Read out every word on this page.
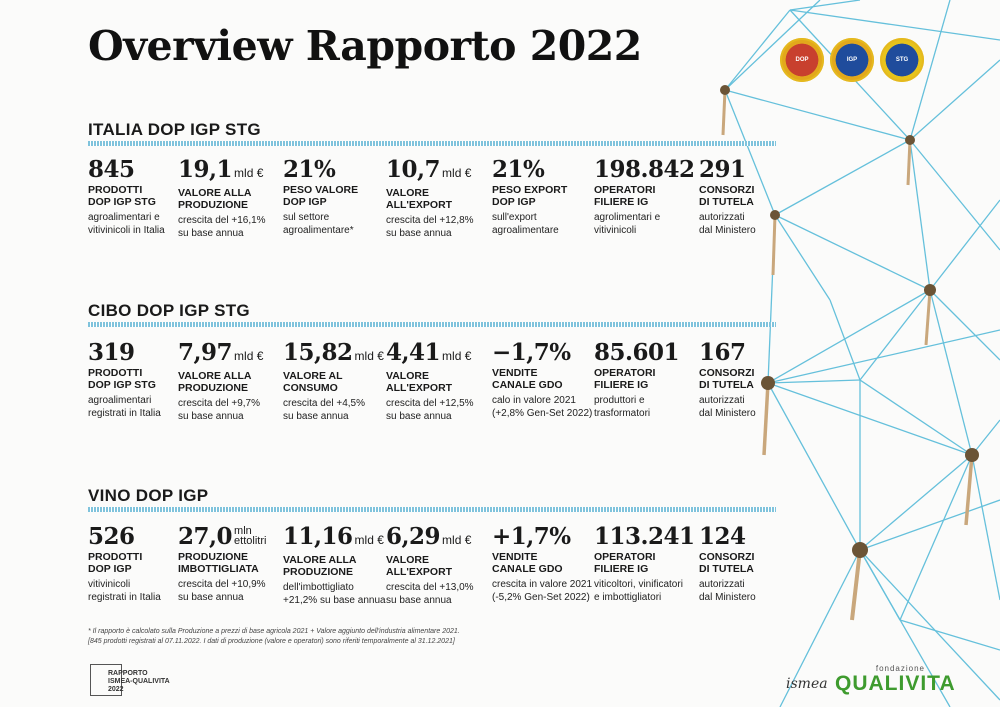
Overview Rapporto 2022	DOP	IGP	STG
ITALIA DOP IGP STG
845
PRODOTTI
DOP IGP STG
agroalimentari e
vitivinicoli in Italia
19,1 mld €
VALORE ALLA
PRODUZIONE
crescita del +16,1%
su base annua
21%
PESO VALORE
DOP IGP
sul settore
agroalimentare*
10,7 mld €
VALORE
ALL'EXPORT
crescita del +12,8%
su base annua
21%
PESO EXPORT
DOP IGP
sull'export
agroalimentare
198.842
OPERATORI
FILIERE IG
agrolimentari e
vitivinicoli
291
CONSORZI
DI TUTELA
autorizzati
dal Ministero
CIBO DOP IGP STG
319
PRODOTTI
DOP IGP STG
agroalimentari
registrati in Italia
7,97 mld €
VALORE ALLA
PRODUZIONE
crescita del +9,7%
su base annua
15,82 mld €
VALORE AL
CONSUMO
crescita del +4,5%
su base annua
4,41 mld €
VALORE
ALL'EXPORT
crescita del +12,5%
su base annua
−1,7%
VENDITE
CANALE GDO
calo in valore 2021
(+2,8% Gen-Set 2022)
85.601
OPERATORI
FILIERE IG
produttori e
trasformatori
167
CONSORZI
DI TUTELA
autorizzati
dal Ministero
VINO DOP IGP
526
PRODOTTI
DOP IGP
vitivinicoli
registrati in Italia
27,0 mln
ettolitri
PRODUZIONE
IMBOTTIGLIATA
crescita del +10,9%
su base annua
11,16 mld €
VALORE ALLA
PRODUZIONE
dell'imbottigliato
+21,2% su base annua
6,29 mld €
VALORE
ALL'EXPORT
crescita del +13,0%
su base annua
+1,7%
VENDITE
CANALE GDO
crescita in valore 2021
(-5,2% Gen-Set 2022)
113.241
OPERATORI
FILIERE IG
viticoltori, vinificatori
e imbottigliatori
124
CONSORZI
DI TUTELA
autorizzati
dal Ministero
* Il rapporto è calcolato sulla Produzione a prezzi di base agricola 2021 + Valore aggiunto dell'industria alimentare 2021.
[845 prodotti registrati al 07.11.2022. I dati di produzione (valore e operatori) sono riferiti temporalmente al 31.12.2021]
RAPPORTO
ISMEA-QUALIVITA
2022	ismea
fondazione
QUALIVITA
